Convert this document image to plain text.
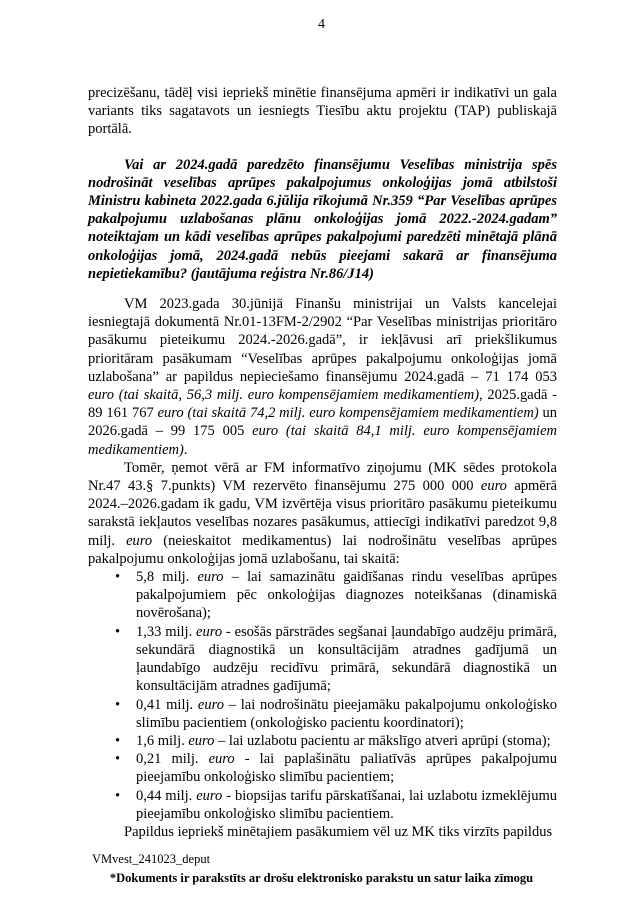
4

precizēšanu, tādēļ visi iepriekš minētie finansējuma apmēri ir indikatīvi un gala variants tiks sagatavots un iesniegts Tiesību aktu projektu (TAP) publiskajā portālā.

Vai ar 2024.gadā paredzēto finansējumu Veselības ministrija spēs nodrošināt veselības aprūpes pakalpojumus onkoloģijas jomā atbilstoši Ministru kabineta 2022.gada 6.jūlija rīkojumā Nr.359 “Par Veselības aprūpes pakalpojumu uzlabošanas plānu onkoloģijas jomā 2022.-2024.gadam” noteiktajam un kādi veselības aprūpes pakalpojumi paredzēti minētajā plānā onkoloģijas jomā, 2024.gadā nebūs pieejami sakarā ar finansējuma nepietiekamību? (jautājuma reģistra Nr.86/J14)

VM 2023.gada 30.jūnijā Finanšu ministrijai un Valsts kancelejai iesniegtajā dokumentā Nr.01-13FM-2/2902 “Par Veselības ministrijas prioritāro pasākumu pieteikumu 2024.-2026.gadā”, ir iekļāvusi arī priekšlikumus prioritāram pasākumam “Veselības aprūpes pakalpojumu onkoloģijas jomā uzlabošana” ar papildus nepieciešamo finansējumu 2024.gadā – 71 174 053 euro (tai skaitā, 56,3 milj. euro kompensējamiem medikamentiem), 2025.gadā - 89 161 767 euro (tai skaitā 74,2 milj. euro kompensējamiem medikamentiem) un 2026.gadā – 99 175 005 euro (tai skaitā 84,1 milj. euro kompensējamiem medikamentiem).

Tomēr, ņemot vērā ar FM informatīvo ziņojumu (MK sēdes protokola Nr.47 43.§ 7.punkts) VM rezervēto finansējumu 275 000 000 euro apmērā 2024.–2026.gadam ik gadu, VM izvērtēja visus prioritāro pasākumu pieteikumu sarakstā iekļautos veselības nozares pasākumus, attiecīgi indikatīvi paredzot 9,8 milj. euro (neieskaitot medikamentus) lai nodrošinātu veselības aprūpes pakalpojumu onkoloģijas jomā uzlabošanu, tai skaitā:

• 5,8 milj. euro – lai samazinātu gaidīšanas rindu veselības aprūpes pakalpojumiem pēc onkoloģijas diagnozes noteikšanas (dinamiskā novērošana);
• 1,33 milj. euro - esošās pārstrādes segšanai ļaundabīgo audzēju primārā, sekundārā diagnostikā un konsultācijām atradnes gadījumā un ļaundabīgo audzēju recidīvu primārā, sekundārā diagnostikā un konsultācijām atradnes gadījumā;
• 0,41 milj. euro – lai nodrošinātu pieejamāku pakalpojumu onkoloģisko slimību pacientiem (onkoloģisko pacientu koordinatori);
• 1,6 milj. euro – lai uzlabotu pacientu ar mākslīgo atveri aprūpi (stoma);
• 0,21 milj. euro - lai paplašinātu paliatīvās aprūpes pakalpojumu pieejamību onkoloģisko slimību pacientiem;
• 0,44 milj. euro - biopsijas tarifu pārskatīšanai, lai uzlabotu izmeklējumu pieejamību onkoloģisko slimību pacientiem.

Papildus iepriekš minētajiem pasākumiem vēl uz MK tiks virzīts papildus

VMvest_241023_deput
*Dokuments ir parakstīts ar drošu elektronisko parakstu un satur laika zīmogu
